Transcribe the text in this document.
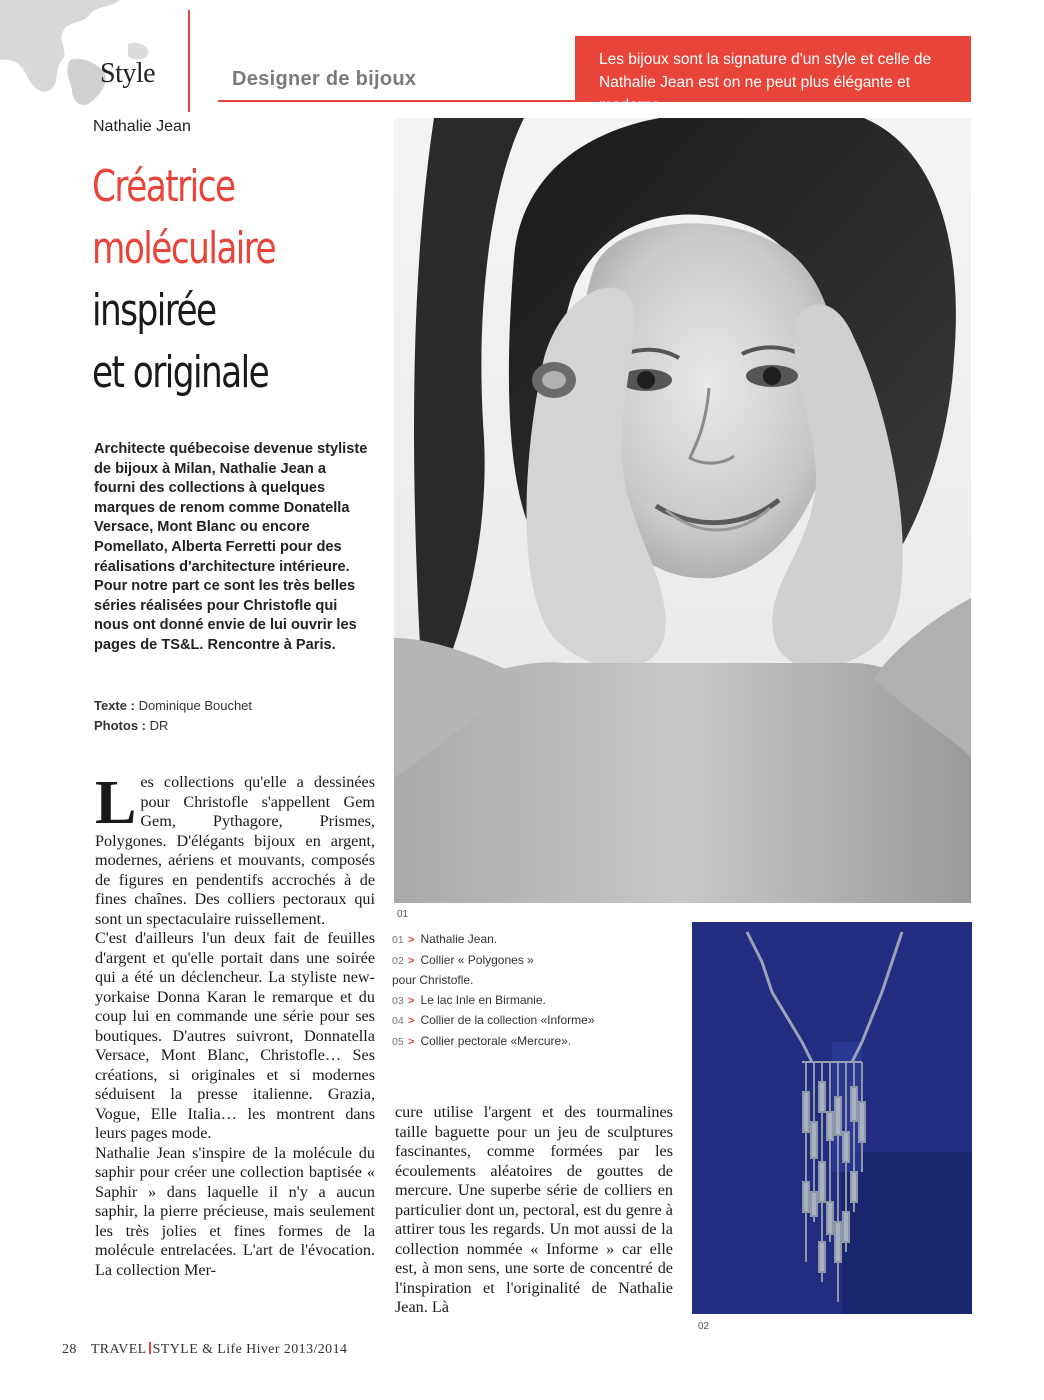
Style	Designer de bijoux
Les bijoux sont la signature d'un style et celle de Nathalie Jean est on ne peut plus élégante et moderne.
Nathalie Jean
Créatrice
moléculaire
inspirée
et originale
Architecte québecoise devenue styliste de bijoux à Milan, Nathalie Jean a fourni des collections à quelques marques de renom comme Donatella Versace, Mont Blanc ou encore Pomellato, Alberta Ferretti pour des réalisations d'architecture intérieure. Pour notre part ce sont les très belles séries réalisées pour Christofle qui nous ont donné envie de lui ouvrir les pages de TS&L. Rencontre à Paris.
Texte : Dominique Bouchet
Photos : DR

Les collections qu'elle a dessinées pour Christofle s'appellent Gem Gem, Pythagore, Prismes, Polygones. D'élégants bijoux en argent, modernes, aériens et mouvants, composés de figures en pendentifs accrochés à de fines chaînes. Des colliers pectoraux qui sont un spectaculaire ruissellement.

C'est d'ailleurs l'un deux fait de feuilles d'argent et qu'elle portait dans une soirée qui a été un déclencheur. La styliste new-yorkaise Donna Karan le remarque et du coup lui en commande une série pour ses boutiques. D'autres suivront, Donnatella Versace, Mont Blanc, Christofle… Ses créations, si originales et si modernes séduisent la presse italienne. Grazia, Vogue, Elle Italia… les montrent dans leurs pages mode.

Nathalie Jean s'inspire de la molécule du saphir pour créer une collection baptisée « Saphir » dans laquelle il n'y a aucun saphir, la pierre précieuse, mais seulement les très jolies et fines formes de la molécule entrelacées. L'art de l'évocation. La collection Mer-

cure utilise l'argent et des tourmalines taille baguette pour un jeu de sculptures fascinantes, comme formées par les écoulements aléatoires de gouttes de mercure. Une superbe série de colliers en particulier dont un, pectoral, est du genre à attirer tous les regards. Un mot aussi de la collection nommée « Informe » car elle est, à mon sens, une sorte de concentré de l'inspiration et l'originalité de Nathalie Jean. Là

01
01 > Nathalie Jean.
02 > Collier « Polygones »
pour Christofle.
03 > Le lac Inle en Birmanie.
04 > Collier de la collection «Informe»
05 > Collier pectorale «Mercure».
02
28 TRAVEL STYLE & Life Hiver 2013/2014
